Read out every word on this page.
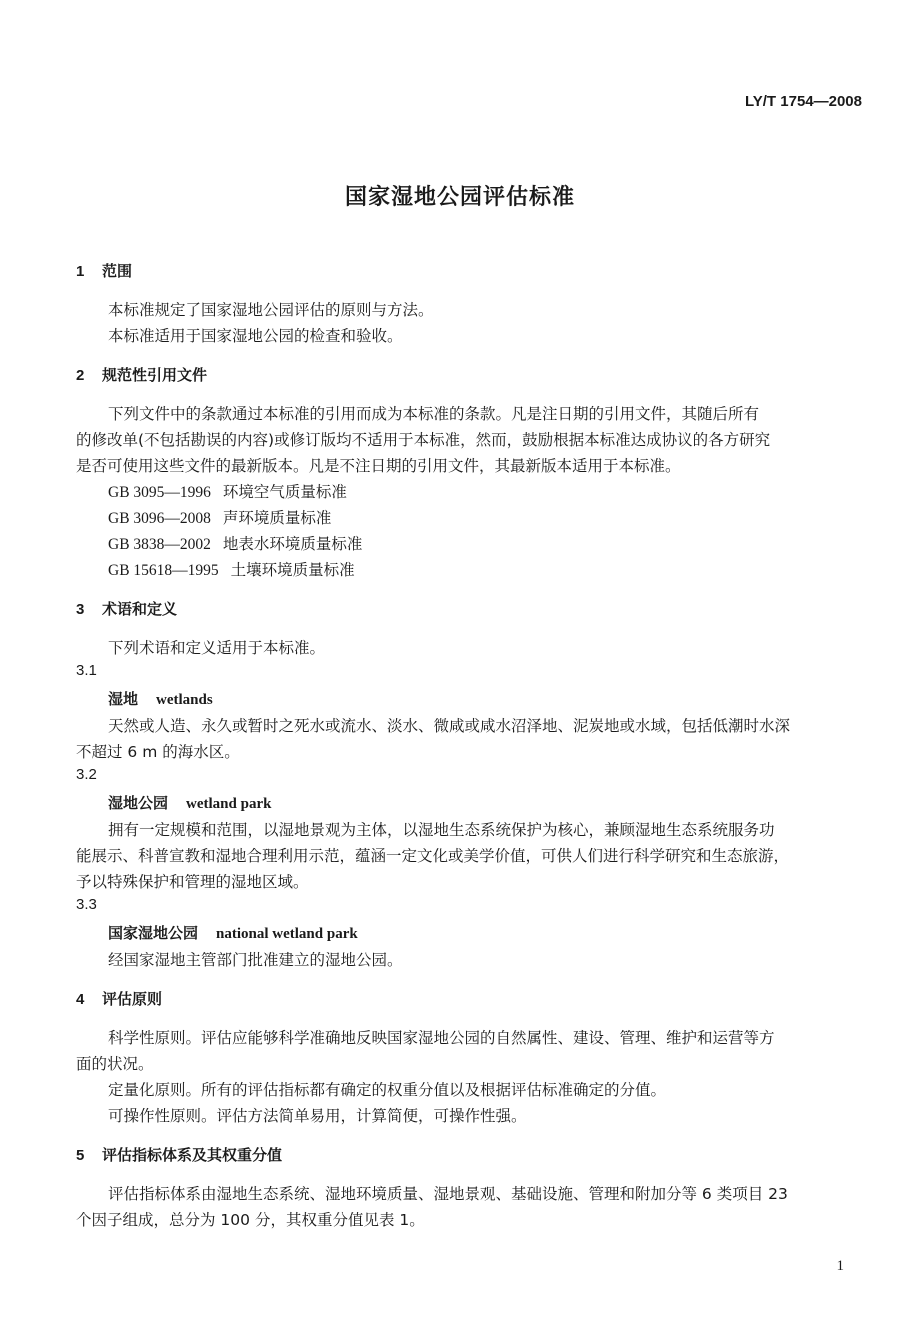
LY/T 1754—2008
国家湿地公园评估标准
1 范围
本标准规定了国家湿地公园评估的原则与方法。
本标准适用于国家湿地公园的检查和验收。
2 规范性引用文件
下列文件中的条款通过本标准的引用而成为本标准的条款。凡是注日期的引用文件，其随后所有
的修改单(不包括勘误的内容)或修订版均不适用于本标准，然而，鼓励根据本标准达成协议的各方研究
是否可使用这些文件的最新版本。凡是不注日期的引用文件，其最新版本适用于本标准。
GB 3095—1996 环境空气质量标准
GB 3096—2008 声环境质量标准
GB 3838—2002 地表水环境质量标准
GB 15618—1995 土壤环境质量标准
3 术语和定义
下列术语和定义适用于本标准。
3.1
湿地 wetlands
天然或人造、永久或暂时之死水或流水、淡水、微咸或咸水沼泽地、泥炭地或水域，包括低潮时水深
不超过 6 m 的海水区。
3.2
湿地公园 wetland park
拥有一定规模和范围，以湿地景观为主体，以湿地生态系统保护为核心，兼顾湿地生态系统服务功
能展示、科普宣教和湿地合理利用示范，蕴涵一定文化或美学价值，可供人们进行科学研究和生态旅游，
予以特殊保护和管理的湿地区域。
3.3
国家湿地公园 national wetland park
经国家湿地主管部门批准建立的湿地公园。
4 评估原则
科学性原则。评估应能够科学准确地反映国家湿地公园的自然属性、建设、管理、维护和运营等方
面的状况。
定量化原则。所有的评估指标都有确定的权重分值以及根据评估标准确定的分值。
可操作性原则。评估方法简单易用，计算简便，可操作性强。
5 评估指标体系及其权重分值
评估指标体系由湿地生态系统、湿地环境质量、湿地景观、基础设施、管理和附加分等 6 类项目 23
个因子组成，总分为 100 分，其权重分值见表 1。
1
